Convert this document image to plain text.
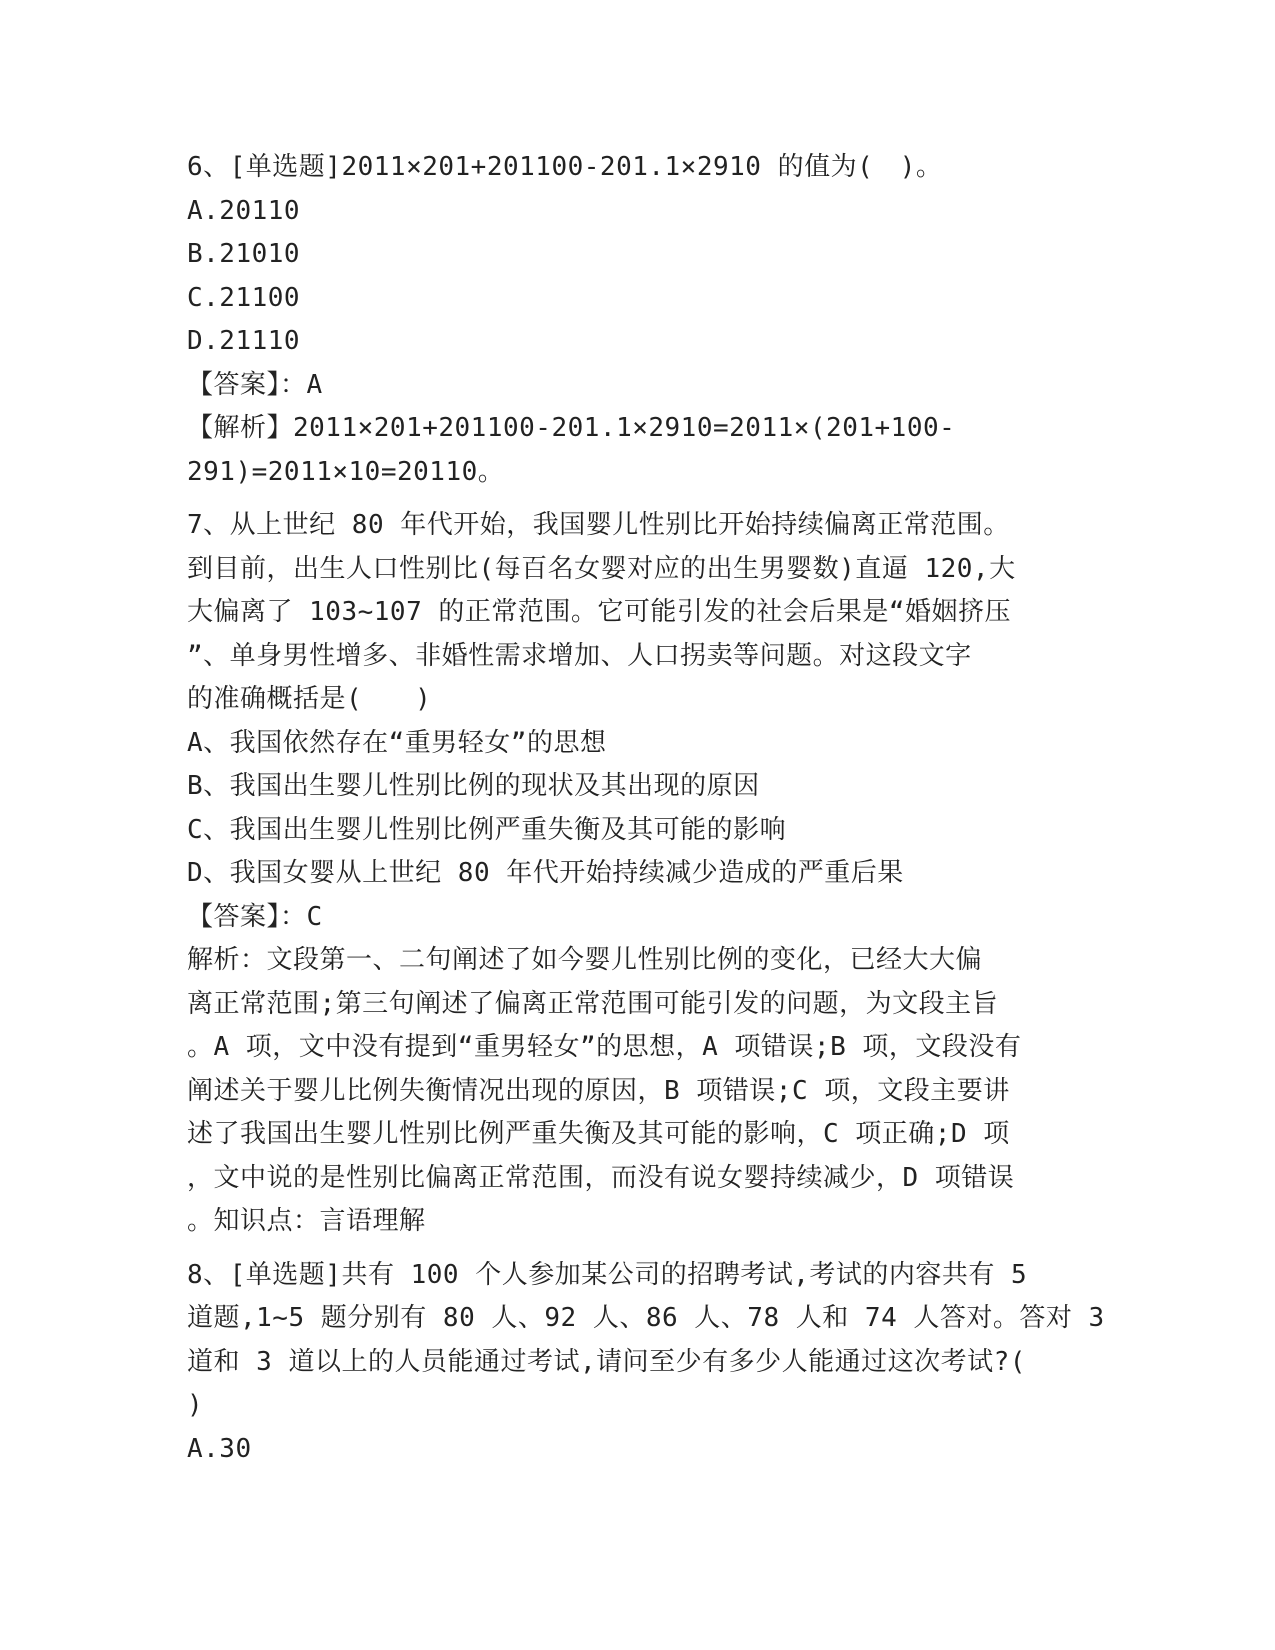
6、[单选题]2011×201+201100-201.1×2910 的值为(　)。
A.20110
B.21010
C.21100
D.21110
【答案】：A
【解析】2011×201+201100-201.1×2910=2011×(201+100-
291)=2011×10=20110。
7、从上世纪 80 年代开始，我国婴儿性别比开始持续偏离正常范围。
到目前，出生人口性别比(每百名女婴对应的出生男婴数)直逼 120,大
大偏离了 103~107 的正常范围。它可能引发的社会后果是“婚姻挤压
”、单身男性增多、非婚性需求增加、人口拐卖等问题。对这段文字
的准确概括是(　　)
A、我国依然存在“重男轻女”的思想
B、我国出生婴儿性别比例的现状及其出现的原因
C、我国出生婴儿性别比例严重失衡及其可能的影响
D、我国女婴从上世纪 80 年代开始持续减少造成的严重后果
【答案】：C
解析：文段第一、二句阐述了如今婴儿性别比例的变化，已经大大偏
离正常范围;第三句阐述了偏离正常范围可能引发的问题，为文段主旨
。A 项，文中没有提到“重男轻女”的思想，A 项错误;B 项，文段没有
阐述关于婴儿比例失衡情况出现的原因，B 项错误;C 项，文段主要讲
述了我国出生婴儿性别比例严重失衡及其可能的影响，C 项正确;D 项
，文中说的是性别比偏离正常范围，而没有说女婴持续减少，D 项错误
。知识点：言语理解
8、[单选题]共有 100 个人参加某公司的招聘考试,考试的内容共有 5
道题,1~5 题分别有 80 人、92 人、86 人、78 人和 74 人答对。答对 3
道和 3 道以上的人员能通过考试,请问至少有多少人能通过这次考试?(
)
A.30
